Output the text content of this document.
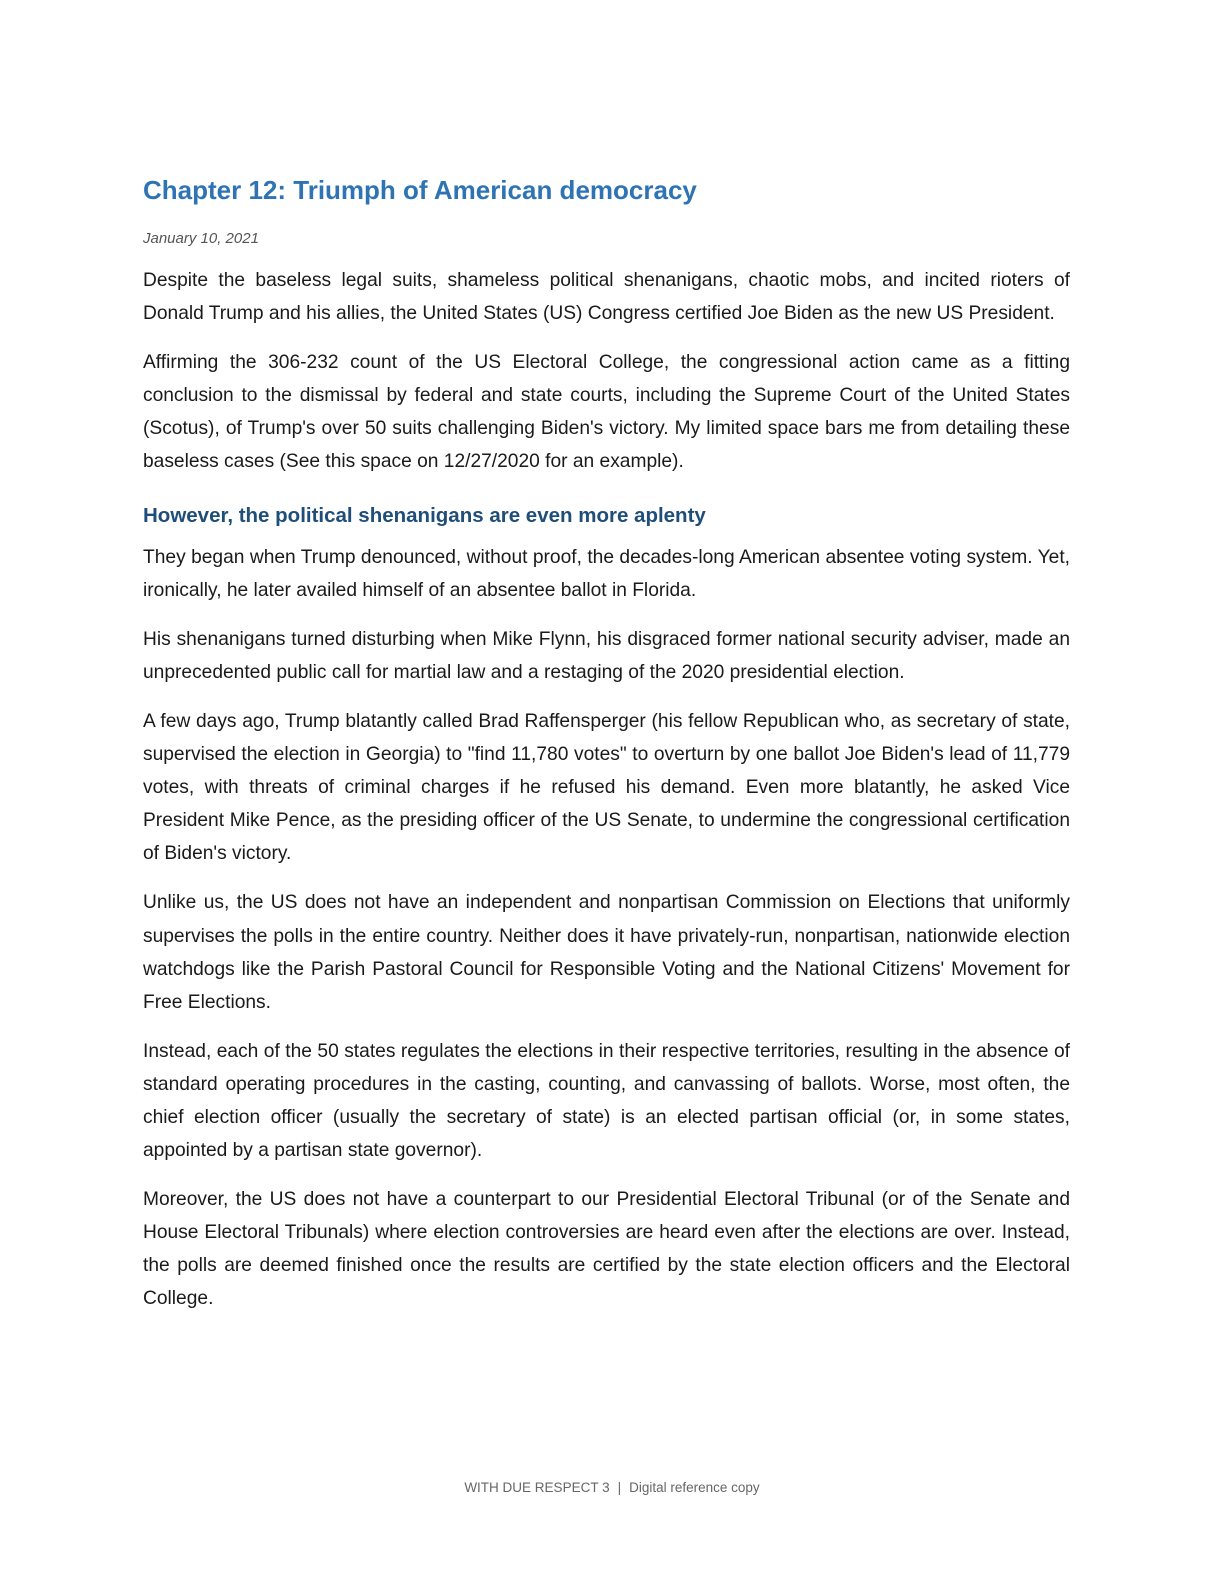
Chapter 12: Triumph of American democracy

January 10, 2021

Despite the baseless legal suits, shameless political shenanigans, chaotic mobs, and incited rioters of Donald Trump and his allies, the United States (US) Congress certified Joe Biden as the new US President.

Affirming the 306-232 count of the US Electoral College, the congressional action came as a fitting conclusion to the dismissal by federal and state courts, including the Supreme Court of the United States (Scotus), of Trump's over 50 suits challenging Biden's victory. My limited space bars me from detailing these baseless cases (See this space on 12/27/2020 for an example).

However, the political shenanigans are even more aplenty

They began when Trump denounced, without proof, the decades-long American absentee voting system. Yet, ironically, he later availed himself of an absentee ballot in Florida.

His shenanigans turned disturbing when Mike Flynn, his disgraced former national security adviser, made an unprecedented public call for martial law and a restaging of the 2020 presidential election.

A few days ago, Trump blatantly called Brad Raffensperger (his fellow Republican who, as secretary of state, supervised the election in Georgia) to "find 11,780 votes" to overturn by one ballot Joe Biden's lead of 11,779 votes, with threats of criminal charges if he refused his demand. Even more blatantly, he asked Vice President Mike Pence, as the presiding officer of the US Senate, to undermine the congressional certification of Biden's victory.

Unlike us, the US does not have an independent and nonpartisan Commission on Elections that uniformly supervises the polls in the entire country. Neither does it have privately-run, nonpartisan, nationwide election watchdogs like the Parish Pastoral Council for Responsible Voting and the National Citizens' Movement for Free Elections.

Instead, each of the 50 states regulates the elections in their respective territories, resulting in the absence of standard operating procedures in the casting, counting, and canvassing of ballots. Worse, most often, the chief election officer (usually the secretary of state) is an elected partisan official (or, in some states, appointed by a partisan state governor).

Moreover, the US does not have a counterpart to our Presidential Electoral Tribunal (or of the Senate and House Electoral Tribunals) where election controversies are heard even after the elections are over. Instead, the polls are deemed finished once the results are certified by the state election officers and the Electoral College.

WITH DUE RESPECT 3 | Digital reference copy
